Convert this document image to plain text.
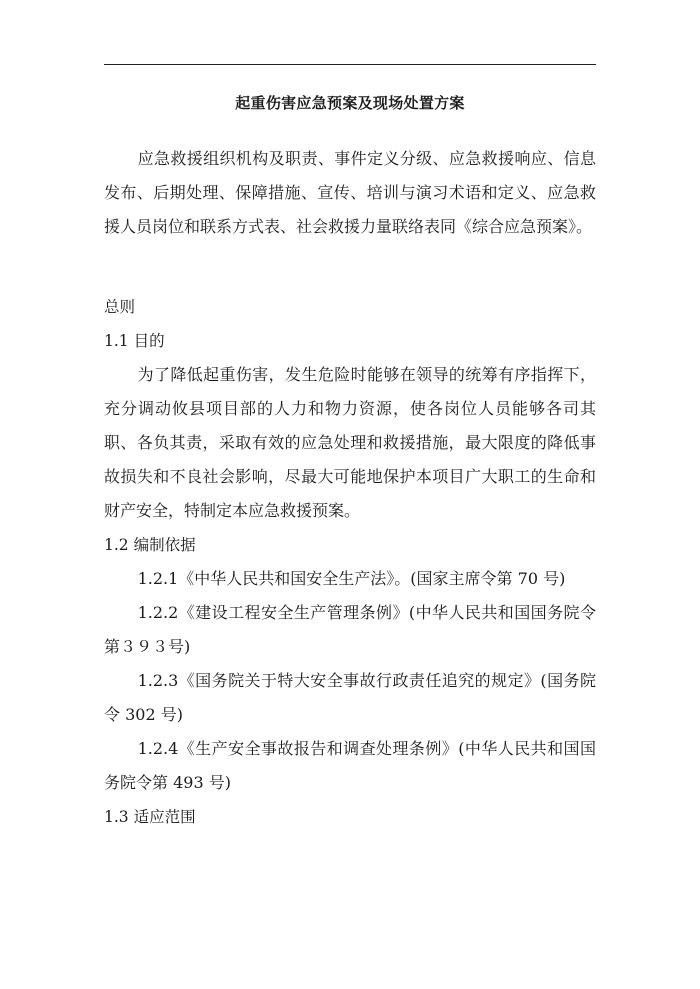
起重伤害应急预案及现场处置方案

应急救援组织机构及职责、事件定义分级、应急救援响应、信息发布、后期处理、保障措施、宣传、培训与演习术语和定义、应急救援人员岗位和联系方式表、社会救援力量联络表同《综合应急预案》。

总则

1.1 目的

为了降低起重伤害，发生危险时能够在领导的统筹有序指挥下，充分调动攸县项目部的人力和物力资源，使各岗位人员能够各司其职、各负其责，采取有效的应急处理和救援措施，最大限度的降低事故损失和不良社会影响，尽最大可能地保护本项目广大职工的生命和财产安全，特制定本应急救援预案。

1.2 编制依据

1.2.1《中华人民共和国安全生产法》。(国家主席令第 70 号)

1.2.2《建设工程安全生产管理条例》(中华人民共和国国务院令 第３９３号)

1.2.3《国务院关于特大安全事故行政责任追究的规定》(国务院令 302 号)

1.2.4《生产安全事故报告和调查处理条例》(中华人民共和国国务院令第 493 号)

1.3 适应范围
